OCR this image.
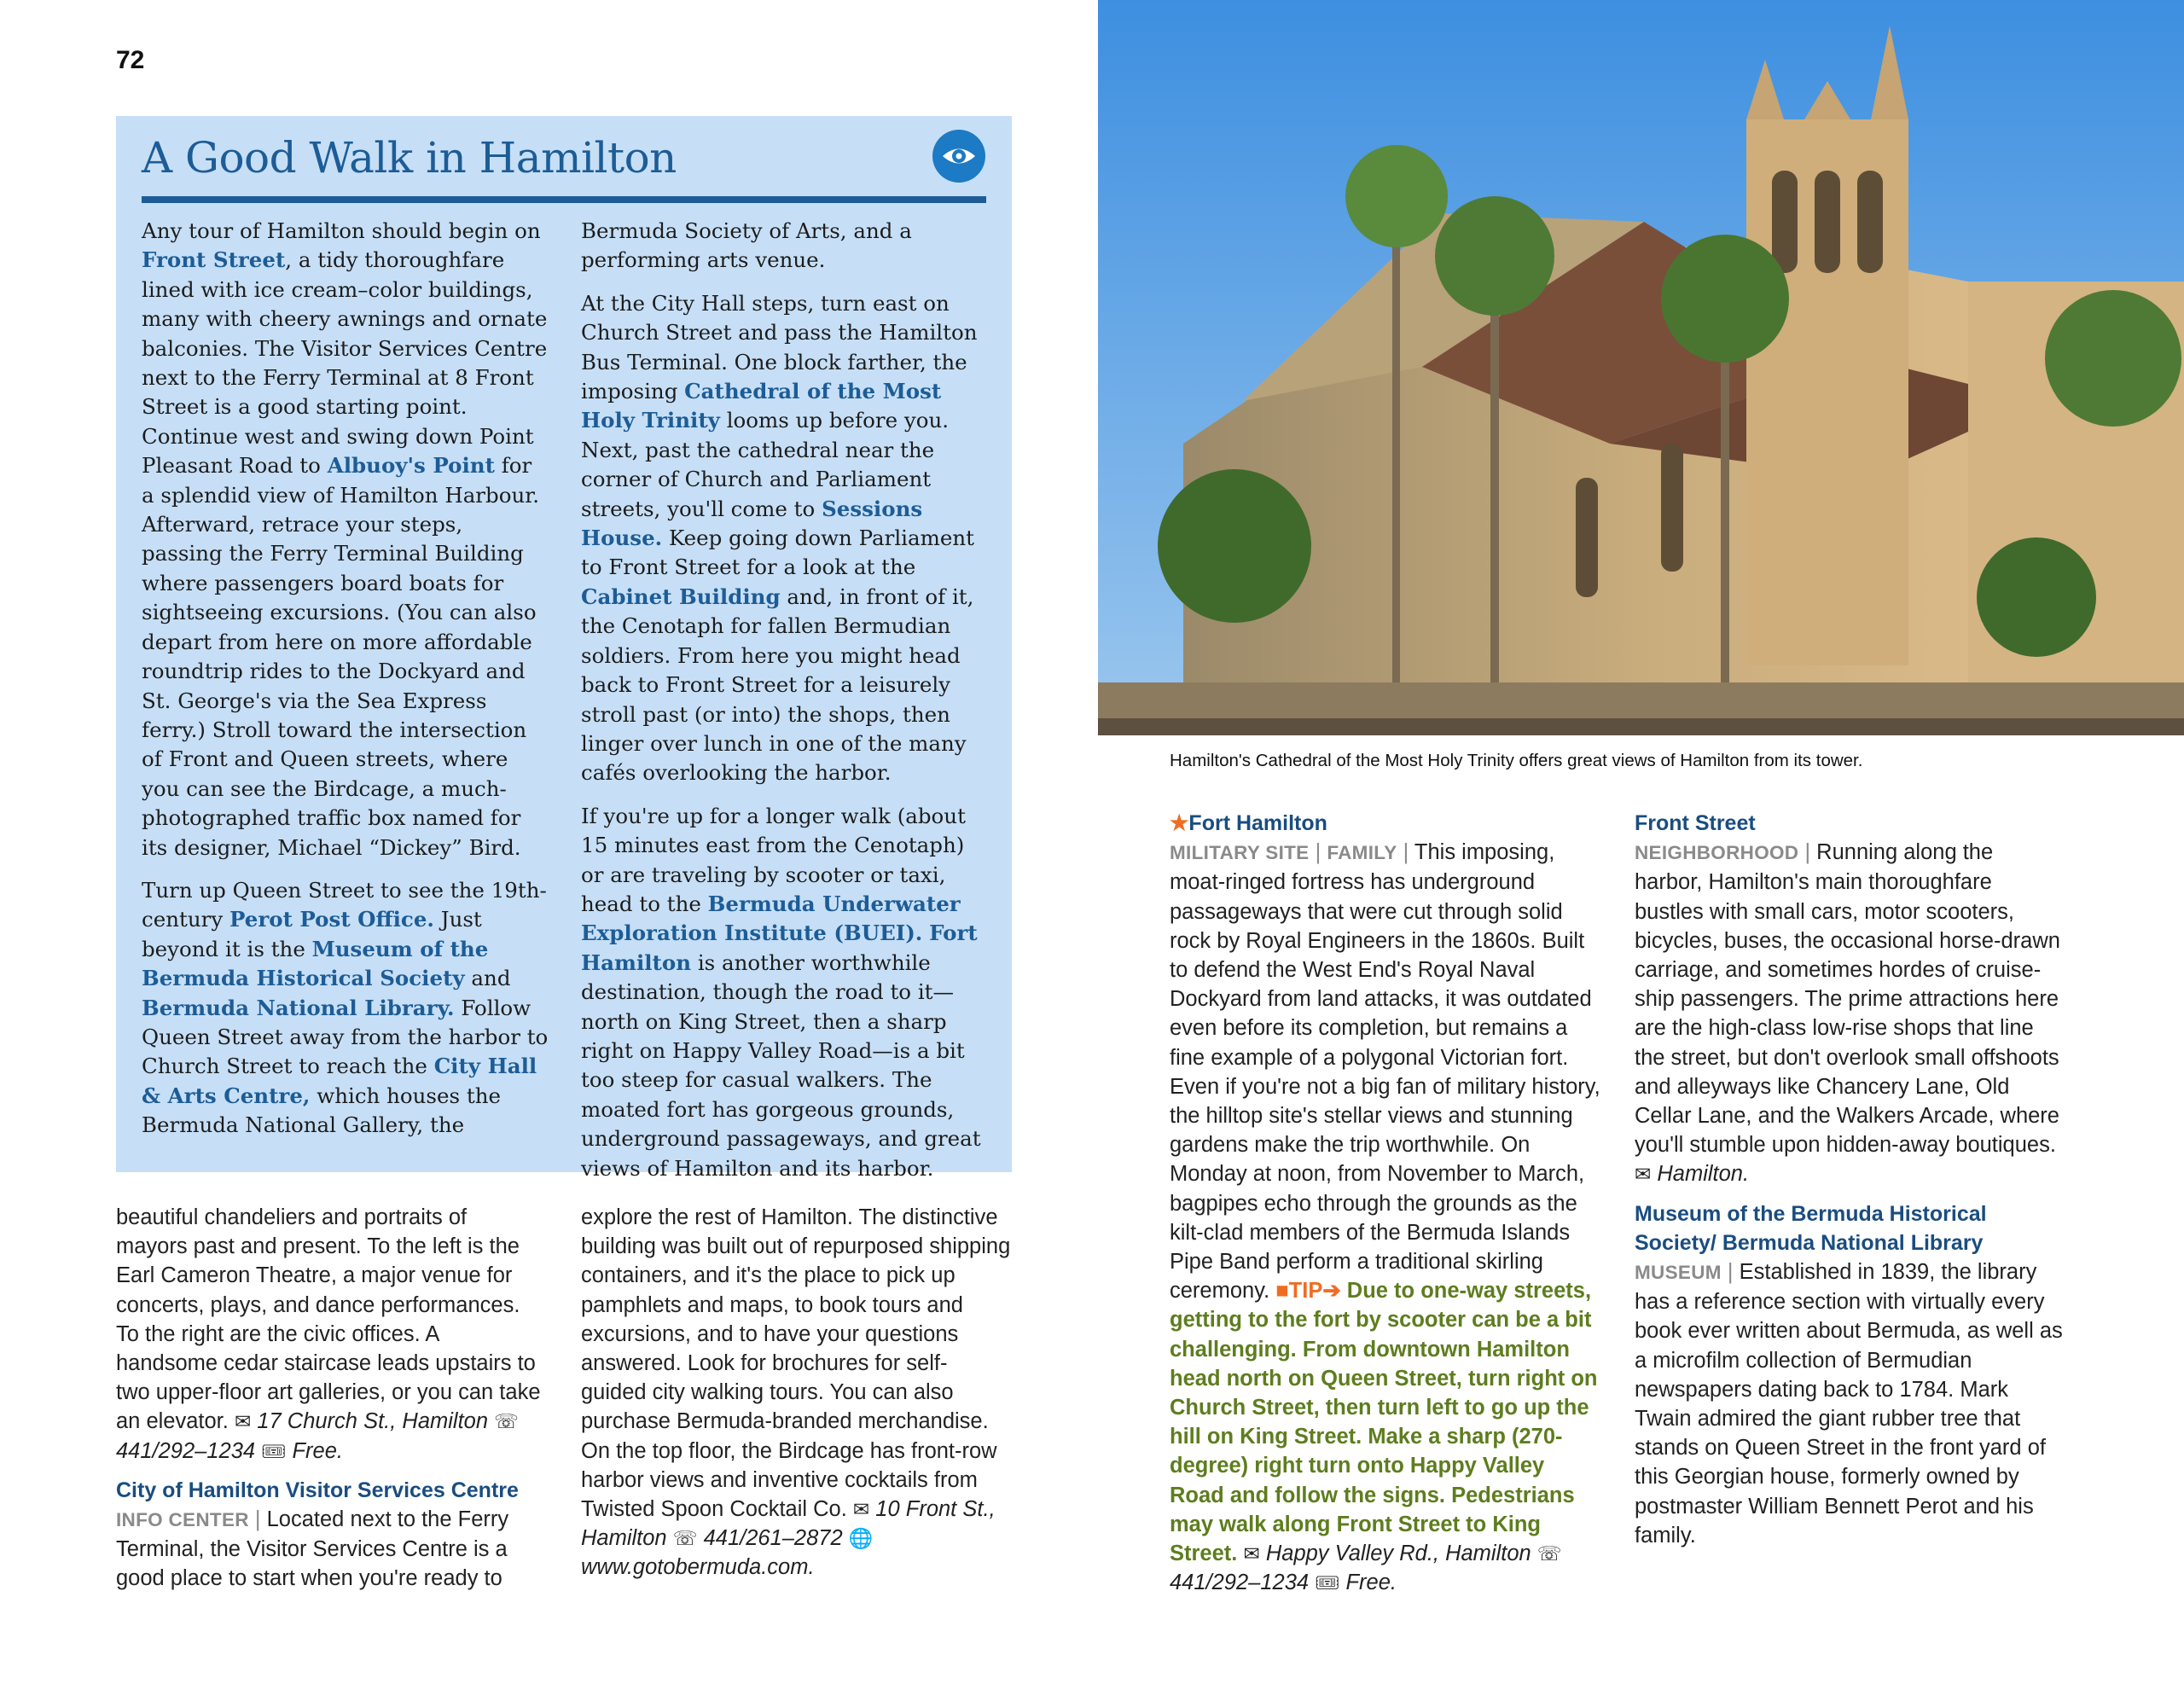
72
A Good Walk in Hamilton

Any tour of Hamilton should begin on Front Street, a tidy thoroughfare lined with ice cream–color buildings, many with cheery awnings and ornate balconies. The Visitor Services Centre next to the Ferry Terminal at 8 Front Street is a good starting point. Continue west and swing down Point Pleasant Road to Albuoy's Point for a splendid view of Hamilton Harbour. Afterward, retrace your steps, passing the Ferry Terminal Building where passengers board boats for sightseeing excursions. (You can also depart from here on more affordable roundtrip rides to the Dockyard and St. George's via the Sea Express ferry.) Stroll toward the intersection of Front and Queen streets, where you can see the Birdcage, a much-photographed traffic box named for its designer, Michael “Dickey” Bird.

Turn up Queen Street to see the 19th-century Perot Post Office. Just beyond it is the Museum of the Bermuda Historical Society and Bermuda National Library. Follow Queen Street away from the harbor to Church Street to reach the City Hall & Arts Centre, which houses the Bermuda National Gallery, the

Bermuda Society of Arts, and a performing arts venue.

At the City Hall steps, turn east on Church Street and pass the Hamilton Bus Terminal. One block farther, the imposing Cathedral of the Most Holy Trinity looms up before you. Next, past the cathedral near the corner of Church and Parliament streets, you'll come to Sessions House. Keep going down Parliament to Front Street for a look at the Cabinet Building and, in front of it, the Cenotaph for fallen Bermudian soldiers. From here you might head back to Front Street for a leisurely stroll past (or into) the shops, then linger over lunch in one of the many cafés overlooking the harbor.

If you're up for a longer walk (about 15 minutes east from the Cenotaph) or are traveling by scooter or taxi, head to the Bermuda Underwater Exploration Institute (BUEI). Fort Hamilton is another worthwhile destination, though the road to it—north on King Street, then a sharp right on Happy Valley Road—is a bit too steep for casual walkers. The moated fort has gorgeous grounds, underground passageways, and great views of Hamilton and its harbor.

beautiful chandeliers and portraits of mayors past and present. To the left is the Earl Cameron Theatre, a major venue for concerts, plays, and dance performances. To the right are the civic offices. A handsome cedar staircase leads upstairs to two upper-floor art galleries, or you can take an elevator. ✉ 17 Church St., Hamilton ☏ 441/292–1234 🎟 Free.

City of Hamilton Visitor Services Centre

INFO CENTER | Located next to the Ferry Terminal, the Visitor Services Centre is a good place to start when you're ready to

explore the rest of Hamilton. The distinctive building was built out of repurposed shipping containers, and it's the place to pick up pamphlets and maps, to book tours and excursions, and to have your questions answered. Look for brochures for self-guided city walking tours. You can also purchase Bermuda-branded merchandise. On the top floor, the Birdcage has front-row harbor views and inventive cocktails from Twisted Spoon Cocktail Co. ✉ 10 Front St., Hamilton ☏ 441/261–2872 🌐 www.gotobermuda.com.

Hamilton's Cathedral of the Most Holy Trinity offers great views of Hamilton from its tower.

★Fort Hamilton

MILITARY SITE | FAMILY | This imposing, moat-ringed fortress has underground passageways that were cut through solid rock by Royal Engineers in the 1860s. Built to defend the West End's Royal Naval Dockyard from land attacks, it was outdated even before its completion, but remains a fine example of a polygonal Victorian fort. Even if you're not a big fan of military history, the hilltop site's stellar views and stunning gardens make the trip worthwhile. On Monday at noon, from November to March, bagpipes echo through the grounds as the kilt-clad members of the Bermuda Islands Pipe Band perform a traditional skirling ceremony. ■TIP➔ Due to one-way streets, getting to the fort by scooter can be a bit challenging. From downtown Hamilton head north on Queen Street, turn right on Church Street, then turn left to go up the hill on King Street. Make a sharp (270-degree) right turn onto Happy Valley Road and follow the signs. Pedestrians may walk along Front Street to King Street. ✉ Happy Valley Rd., Hamilton ☏ 441/292–1234 🎟 Free.

Front Street

NEIGHBORHOOD | Running along the harbor, Hamilton's main thoroughfare bustles with small cars, motor scooters, bicycles, buses, the occasional horse-drawn carriage, and sometimes hordes of cruise-ship passengers. The prime attractions here are the high-class low-rise shops that line the street, but don't overlook small offshoots and alleyways like Chancery Lane, Old Cellar Lane, and the Walkers Arcade, where you'll stumble upon hidden-away boutiques. ✉ Hamilton.

Museum of the Bermuda Historical Society/ Bermuda National Library

MUSEUM | Established in 1839, the library has a reference section with virtually every book ever written about Bermuda, as well as a microfilm collection of Bermudian newspapers dating back to 1784. Mark Twain admired the giant rubber tree that stands on Queen Street in the front yard of this Georgian house, formerly owned by postmaster William Bennett Perot and his family.
